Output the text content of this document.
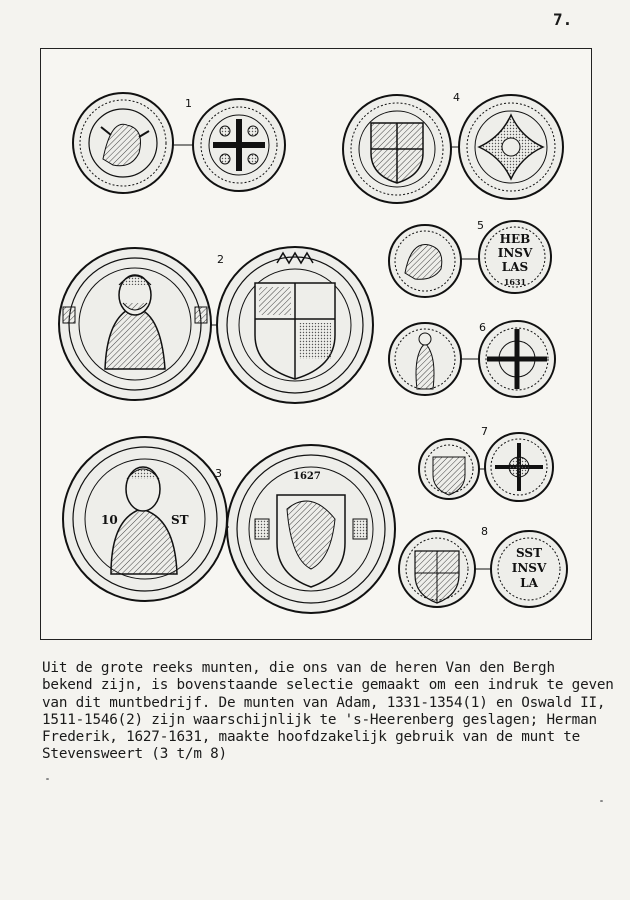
7.
1	4
2
HEB
INSV
LAS
1631
5
6
10	ST
1627
3
7
SST
INSV
LA
8
Uit de grote reeks munten, die ons van de heren Van den Bergh
bekend zijn, is bovenstaande selectie gemaakt om een indruk te geven
van dit muntbedrijf. De munten van Adam, 1331-1354(1) en Oswald II,
1511-1546(2) zijn waarschijnlijk te 's-Heerenberg geslagen; Herman
Frederik, 1627-1631, maakte hoofdzakelijk gebruik van de munt te
Stevensweert (3 t/m 8)
